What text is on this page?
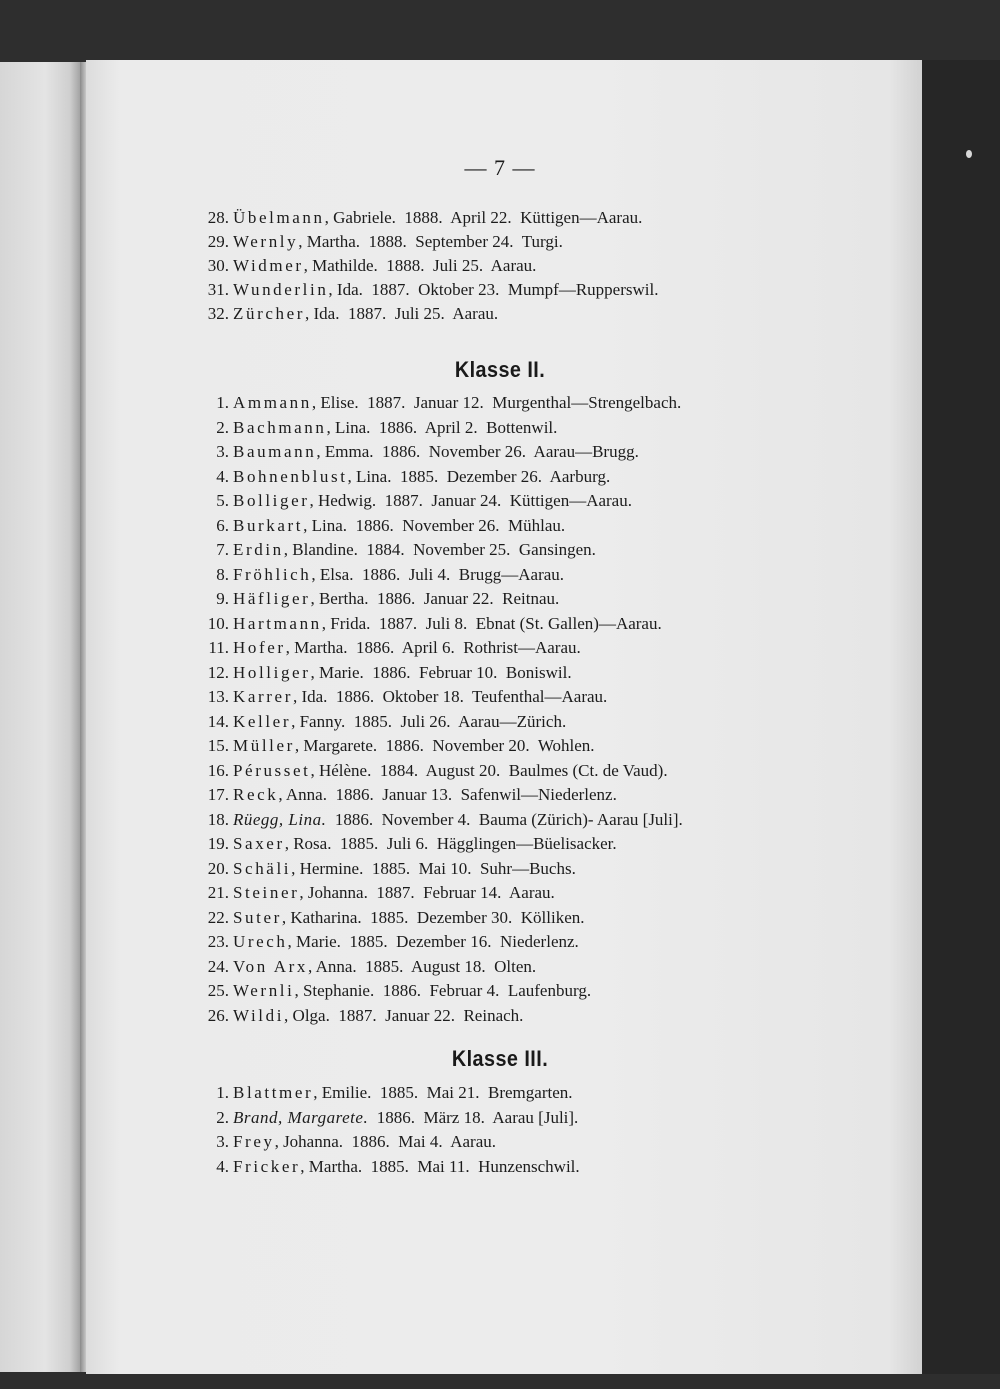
— 7 —
28. Übelmann, Gabriele.  1888.  April 22.  Küttigen—Aarau.
29. Wernly, Martha.  1888.  September 24.  Turgi.
30. Widmer, Mathilde.  1888.  Juli 25.  Aarau.
31. Wunderlin, Ida.  1887.  Oktober 23.  Mumpf—Rupperswil.
32. Zürcher, Ida.  1887.  Juli 25.  Aarau.
Klasse II.
1. Ammann, Elise.  1887.  Januar 12.  Murgenthal—Strengelbach.
2. Bachmann, Lina.  1886.  April 2.  Bottenwil.
3. Baumann, Emma.  1886.  November 26.  Aarau—Brugg.
4. Bohnenblust, Lina.  1885.  Dezember 26.  Aarburg.
5. Bolliger, Hedwig.  1887.  Januar 24.  Küttigen—Aarau.
6. Burkart, Lina.  1886.  November 26.  Mühlau.
7. Erdin, Blandine.  1884.  November 25.  Gansingen.
8. Fröhlich, Elsa.  1886.  Juli 4.  Brugg—Aarau.
9. Häfliger, Bertha.  1886.  Januar 22.  Reitnau.
10. Hartmann, Frida.  1887.  Juli 8.  Ebnat (St. Gallen)—Aarau.
11. Hofer, Martha.  1886.  April 6.  Rothrist—Aarau.
12. Holliger, Marie.  1886.  Februar 10.  Boniswil.
13. Karrer, Ida.  1886.  Oktober 18.  Teufenthal—Aarau.
14. Keller, Fanny.  1885.  Juli 26.  Aarau—Zürich.
15. Müller, Margarete.  1886.  November 20.  Wohlen.
16. Pérusset, Hélène.  1884.  August 20.  Baulmes (Ct. de Vaud).
17. Reck, Anna.  1886.  Januar 13.  Safenwil—Niederlenz.
18. Rüegg, Lina.  1886.  November 4.  Bauma (Zürich)- Aarau [Juli].
19. Saxer, Rosa.  1885.  Juli 6.  Hägglingen—Büelisacker.
20. Schäli, Hermine.  1885.  Mai 10.  Suhr—Buchs.
21. Steiner, Johanna.  1887.  Februar 14.  Aarau.
22. Suter, Katharina.  1885.  Dezember 30.  Kölliken.
23. Urech, Marie.  1885.  Dezember 16.  Niederlenz.
24. Von Arx, Anna.  1885.  August 18.  Olten.
25. Wernli, Stephanie.  1886.  Februar 4.  Laufenburg.
26. Wildi, Olga.  1887.  Januar 22.  Reinach.
Klasse III.
1. Blattmer, Emilie.  1885.  Mai 21.  Bremgarten.
2. Brand, Margarete.  1886.  März 18.  Aarau [Juli].
3. Frey, Johanna.  1886.  Mai 4.  Aarau.
4. Fricker, Martha.  1885.  Mai 11.  Hunzenschwil.
